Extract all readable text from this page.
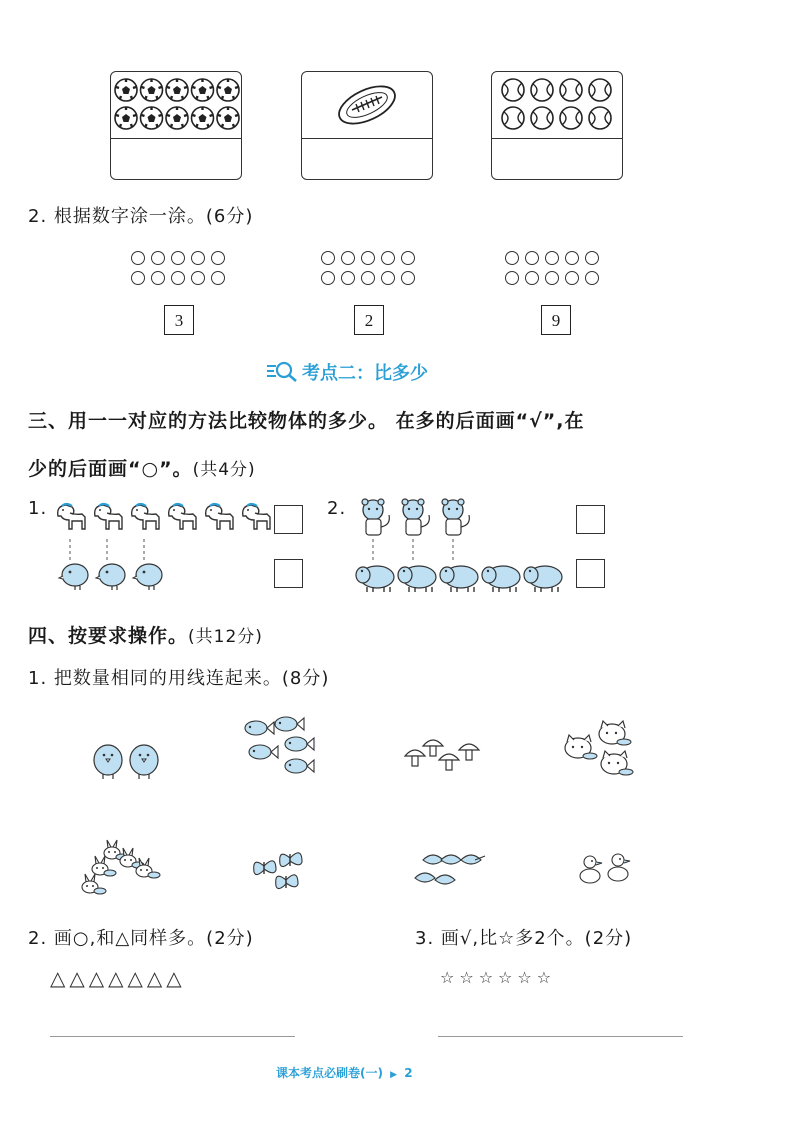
2. 根据数字涂一涂。(6分)
3	2	9
考点二：比多少
三、用一一对应的方法比较物体的多少。 在多的后面画“√”,在
少的后面画“○”。(共4分)
1.	2.
四、按要求操作。(共12分)
1. 把数量相同的用线连起来。(8分)
2. 画○,和△同样多。(2分)	3. 画√,比☆多2个。(2分)
△△△△△△△	☆☆☆☆☆☆
课本考点必刷卷(一) ▶ 2
